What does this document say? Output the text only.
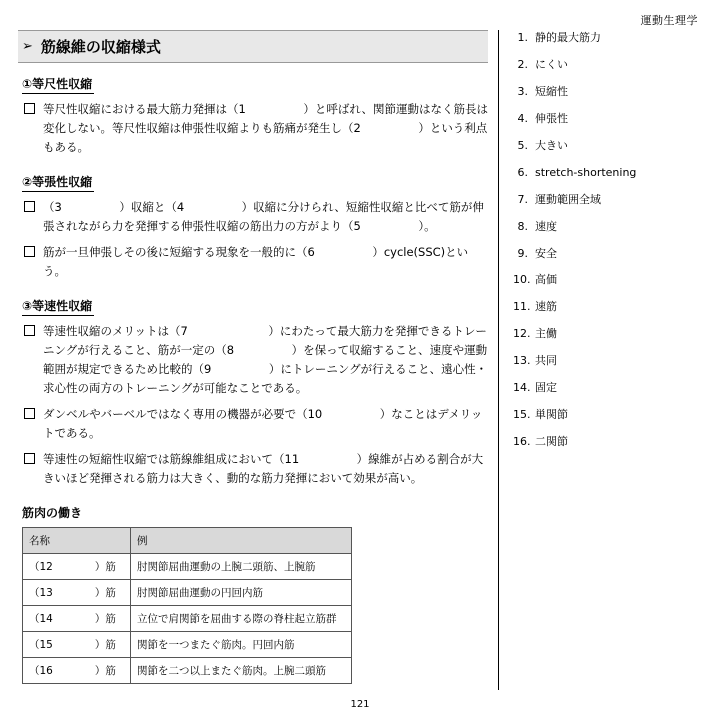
運動生理学
➢ 筋線維の収縮様式
①等尺性収縮
等尺性収縮における最大筋力発揮は（1　　　　　）と呼ばれ、関節運動はなく筋長は変化しない。等尺性収縮は伸張性収縮よりも筋痛が発生し（2　　　　　）という利点もある。
②等張性収縮
（3　　　　　）収縮と（4　　　　　）収縮に分けられ、短縮性収縮と比べて筋が伸張されながら力を発揮する伸張性収縮の筋出力の方がより（5　　　　　）。
筋が一旦伸張しその後に短縮する現象を一般的に（6　　　　　）cycle(SSC)という。
③等速性収縮
等速性収縮のメリットは（7　　　　　　　）にわたって最大筋力を発揮できるトレーニングが行えること、筋が一定の（8　　　　　）を保って収縮すること、速度や運動範囲が規定できるため比較的（9　　　　　）にトレーニングが行えること、遠心性・求心性の両方のトレーニングが可能なことである。
ダンベルやバーベルではなく専用の機器が必要で（10　　　　　）なことはデメリットである。
等速性の短縮性収縮では筋線維組成において（11　　　　　）線維が占める割合が大きいほど発揮される筋力は大きく、動的な筋力発揮において効果が高い。
筋肉の働き
名称	例
（12　　　　）筋	肘関節屈曲運動の上腕二頭筋、上腕筋
（13　　　　）筋	肘関節屈曲運動の円回内筋
（14　　　　）筋	立位で肩関節を屈曲する際の脊柱起立筋群
（15　　　　）筋	関節を一つまたぐ筋肉。円回内筋
（16　　　　）筋	関節を二つ以上またぐ筋肉。上腕二頭筋
1. 静的最大筋力
2. にくい
3. 短縮性
4. 伸張性
5. 大きい
6. stretch-shortening
7. 運動範囲全域
8. 速度
9. 安全
10. 高価
11. 速筋
12. 主働
13. 共同
14. 固定
15. 単関節
16. 二関節
121
